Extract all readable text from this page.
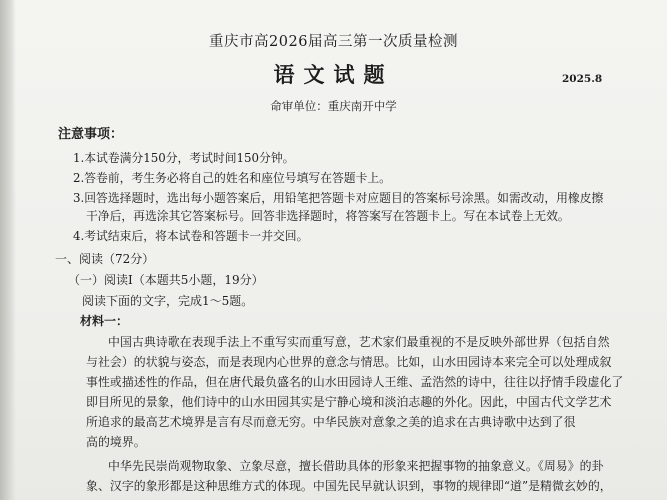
重庆市高2026届高三第一次质量检测
语文试题	2025.8
命审单位：重庆南开中学
注意事项：
1.本试卷满分150分，考试时间150分钟。
2.答卷前，考生务必将自己的姓名和座位号填写在答题卡上。
3.回答选择题时，选出每小题答案后，用铅笔把答题卡对应题目的答案标号涂黑。如需改动，用橡皮擦
干净后，再选涂其它答案标号。回答非选择题时，将答案写在答题卡上。写在本试卷上无效。
4.考试结束后，将本试卷和答题卡一并交回。
一、阅读（72分）
（一）阅读Ⅰ（本题共5小题，19分）
阅读下面的文字，完成1～5题。
材料一：
中国古典诗歌在表现手法上不重写实而重写意，艺术家们最重视的不是反映外部世界（包括自然
与社会）的状貌与姿态，而是表现内心世界的意念与情思。比如，山水田园诗本来完全可以处理成叙
事性或描述性的作品，但在唐代最负盛名的山水田园诗人王维、孟浩然的诗中，往往以抒情手段虚化了
即目所见的景象，他们诗中的山水田园其实是宁静心境和淡泊志趣的外化。因此，中国古代文学艺术
所追求的最高艺术境界是言有尽而意无穷。中华民族对意象之美的追求在古典诗歌中达到了很
高的境界。
中华先民崇尚观物取象、立象尽意，擅长借助具体的形象来把握事物的抽象意义。《周易》的卦
象、汉字的象形都是这种思维方式的体现。中国先民早就认识到，事物的规律即“道”是精微玄妙的，
